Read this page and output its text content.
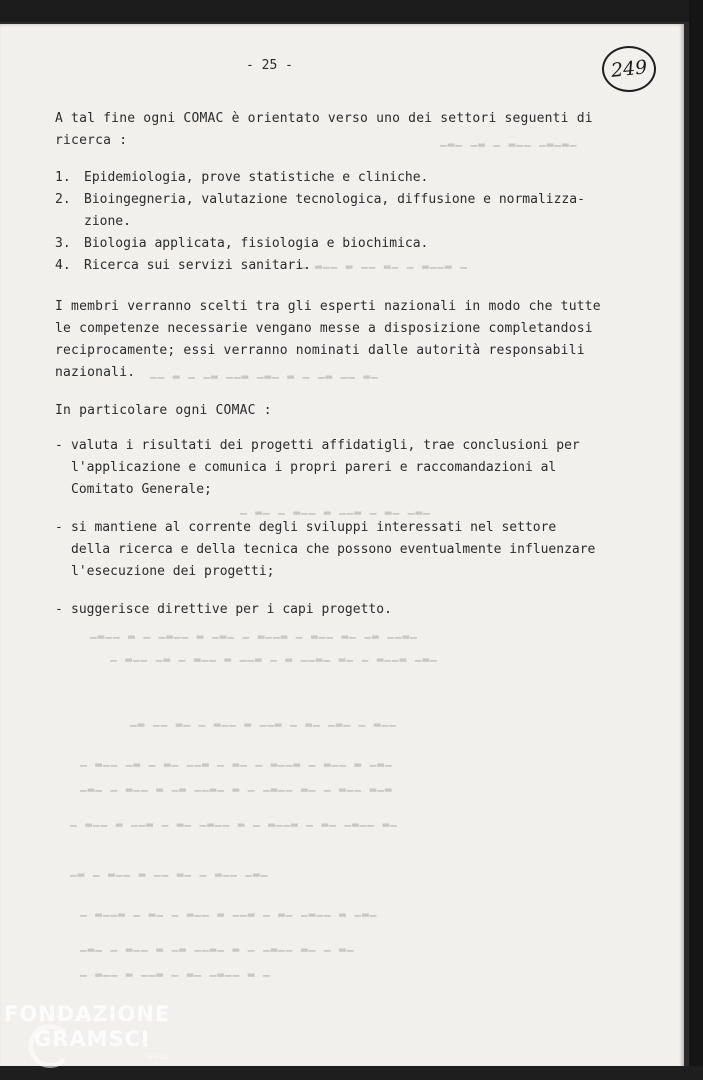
▁▂▁ ▁▂ ▁ ▂▁▁ ▁▂▁▂▁
▁ ▂▁▁ ▂ ▁▁ ▂▁ ▁ ▂▁▁▂ ▁
▁▁ ▂ ▁ ▁▂ ▁▁▂ ▁▂▁ ▂ ▁ ▁▂ ▁▁ ▂▁
▁ ▂▁ ▁ ▂▁▁ ▂ ▁▁▂ ▁ ▂▁ ▁▂▁
▁▂▁▁ ▂ ▁ ▁▂▁▁ ▂ ▁▂▁ ▁ ▂▁▁▂ ▁ ▂▁▁ ▂▁ ▁▂ ▁▁▂▁
▁ ▂▁▁ ▁▂ ▁ ▂▁▁ ▂ ▁▁▂ ▁ ▂ ▁▁▂▁ ▂▁ ▁ ▂▁▁▂ ▁▂▁
▁▂ ▁▁ ▂▁ ▁ ▂▁▁ ▂ ▁▁▂ ▁ ▂▁ ▁▂▁ ▁ ▂▁▁
▁ ▂▁▁ ▁▂ ▁ ▂▁ ▁▁▂ ▁ ▂▁ ▁ ▂▁▁▂ ▁ ▂▁▁ ▂ ▁▂▁
▁▂▁ ▁ ▂▁▁ ▂ ▁▂ ▁▁▂▁ ▂ ▁ ▁▂▁▁ ▂▁ ▁ ▂▁▁ ▂▁▂
▁ ▂▁▁ ▂ ▁▁▂ ▁ ▂▁ ▁▂▁▁ ▂ ▁ ▂▁▁▂ ▁ ▂▁ ▁▂▁▁ ▂▁
▁▂ ▁ ▂▁▁ ▂ ▁▁ ▂▁ ▁ ▂▁▁ ▁▂▁
▁ ▂▁▁▂ ▁ ▂▁ ▁ ▂▁▁ ▂ ▁▁▂ ▁ ▂▁ ▁▂▁▁ ▂ ▁▂▁
▁▂▁ ▁ ▂▁▁ ▂ ▁▂ ▁▁▂▁ ▂ ▁ ▁▂▁▁ ▂▁ ▁ ▂▁
▁ ▂▁▁ ▂ ▁▁▂ ▁ ▂▁ ▁▂▁▁ ▂ ▁
- 25 -	249
A tal fine ogni COMAC è orientato verso uno dei settori seguenti di
ricerca :
1. Epidemiologia, prove statistiche e cliniche.
2. Bioingegneria, valutazione tecnologica, diffusione e normalizza-
zione.
3. Biologia applicata, fisiologia e biochimica.
4. Ricerca sui servizi sanitari.
I membri verranno scelti tra gli esperti nazionali in modo che tutte
le competenze necessarie vengano messe a disposizione completandosi
reciprocamente; essi verranno nominati dalle autorità responsabili
nazionali.
In particolare ogni COMAC :
- valuta i risultati dei progetti affidatigli, trae conclusioni per
l'applicazione e comunica i propri pareri e raccomandazioni al
Comitato Generale;
- si mantiene al corrente degli sviluppi interessati nel settore
della ricerca e della tecnica che possono eventualmente influenzare
l'esecuzione dei progetti;
- suggerisce direttive per i capi progetto.
FONDAZIONE
GRAMSCI
onlus
